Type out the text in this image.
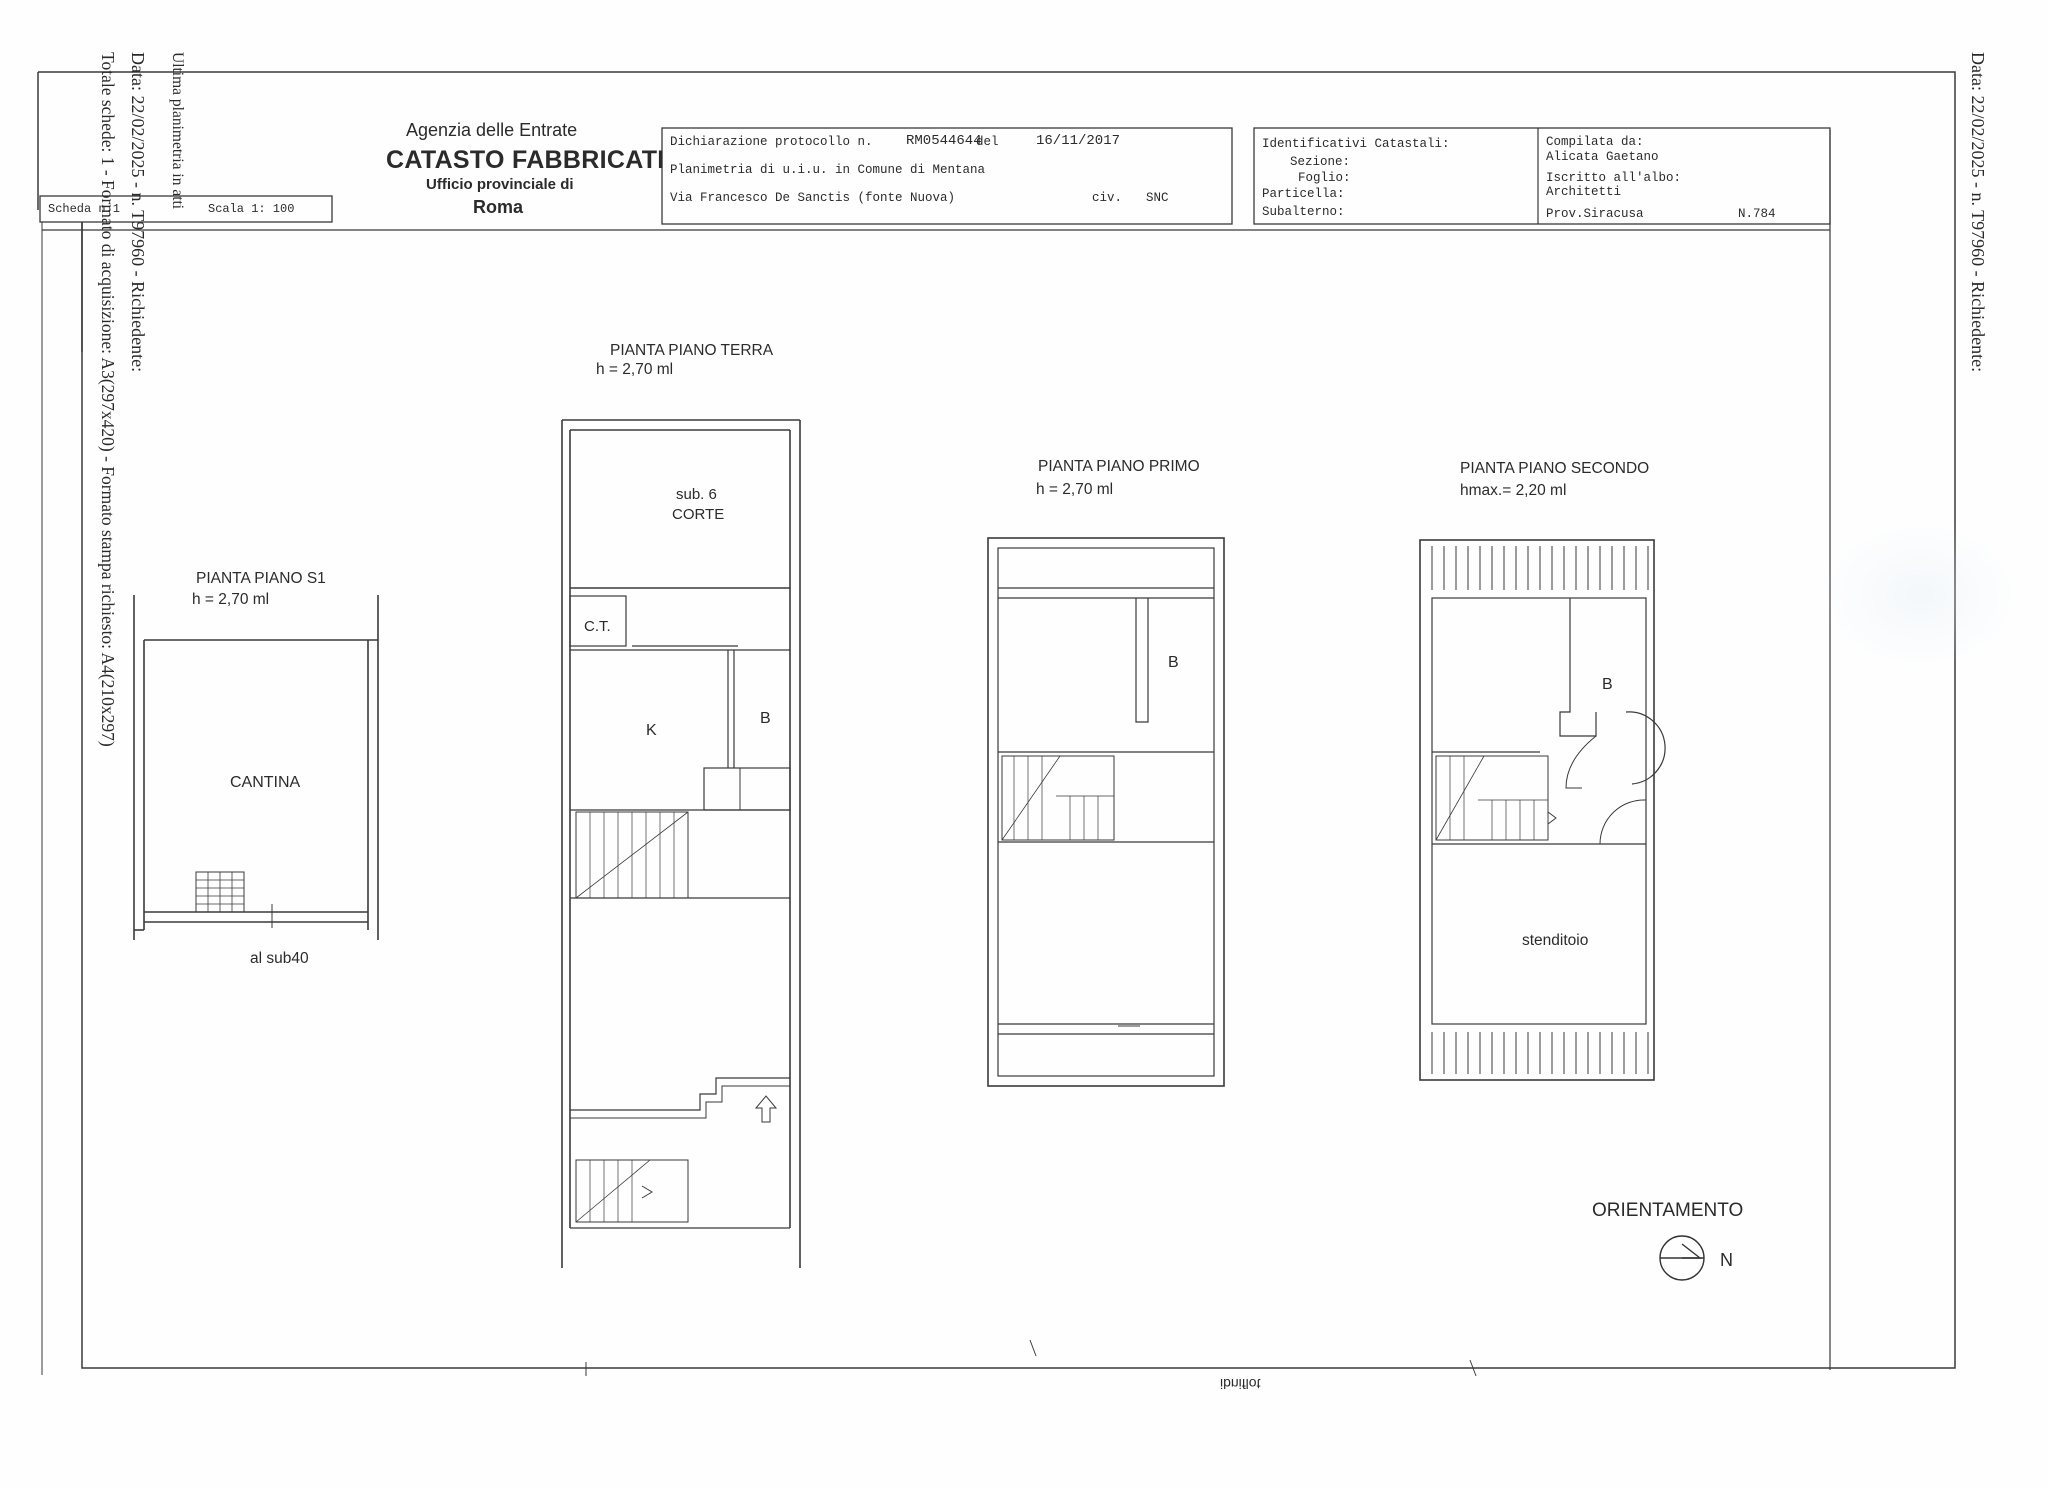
Ultima planimetria in atti
Data: 22/02/2025 - n. T97960 - Richiedente:
Totale schede: 1 - Formato di acquisizione: A3(297x420) - Formato stampa richiesto: A4(210x297)	Data: 22/02/2025 - n. T97960 - Richiedente:
Scheda n.1	Scala 1: 100
Agenzia delle Entrate
CATASTO FABBRICATI
Ufficio provinciale di
Roma
Dichiarazione protocollo n. RM0544644
del	16/11/2017
Planimetria di u.i.u. in Comune di Mentana
Via Francesco De Sanctis (fonte Nuova)	civ. SNC
Identificativi Catastali:
Sezione:
Foglio:
Particella:
Subalterno:
Compilata da:
Alicata Gaetano
Iscritto all'albo:
Architetti
Prov.Siracusa	N.784
PIANTA PIANO S1
h = 2,70 ml
CANTINA
al sub40
PIANTA PIANO TERRA
h = 2,70 ml
sub. 6
CORTE
C.T.
K
B
PIANTA PIANO PRIMO
h = 2,70 ml
B
PIANTA PIANO SECONDO
hmax.= 2,20 ml
B
stenditoio
ORIENTAMENTO
N
ibniflot
